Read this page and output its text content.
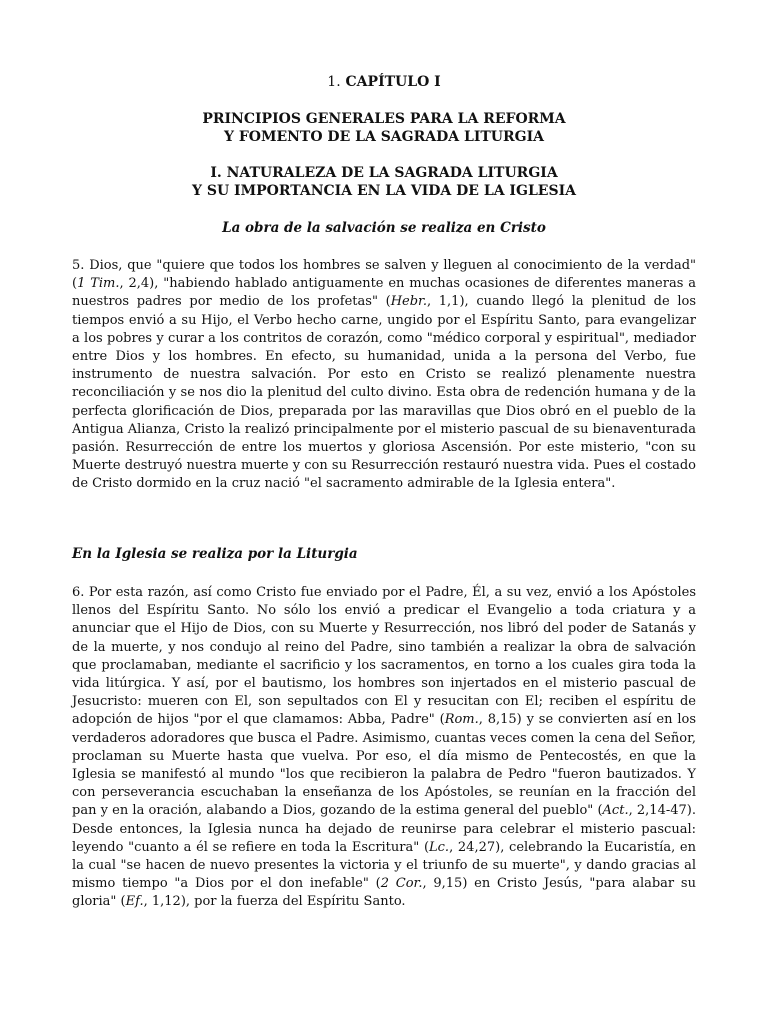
1. CAPÍTULO I

PRINCIPIOS GENERALES PARA LA REFORMA

Y FOMENTO DE LA SAGRADA LITURGIA

I. NATURALEZA DE LA SAGRADA LITURGIA

Y SU IMPORTANCIA EN LA VIDA DE LA IGLESIA

La obra de la salvación se realiza en Cristo

5. Dios, que "quiere que todos los hombres se salven y lleguen al conocimiento de la verdad" (1 Tim., 2,4), "habiendo hablado antiguamente en muchas ocasiones de diferentes maneras a nuestros padres por medio de los profetas" (Hebr., 1,1), cuando llegó la plenitud de los tiempos envió a su Hijo, el Verbo hecho carne, ungido por el Espíritu Santo, para evangelizar a los pobres y curar a los contritos de corazón, como "médico corporal y espiritual", mediador entre Dios y los hombres. En efecto, su humanidad, unida a la persona del Verbo, fue instrumento de nuestra salvación. Por esto en Cristo se realizó plenamente nuestra reconciliación y se nos dio la plenitud del culto divino. Esta obra de redención humana y de la perfecta glorificación de Dios, preparada por las maravillas que Dios obró en el pueblo de la Antigua Alianza, Cristo la realizó principalmente por el misterio pascual de su bienaventurada pasión. Resurrección de entre los muertos y gloriosa Ascensión. Por este misterio, "con su Muerte destruyó nuestra muerte y con su Resurrección restauró nuestra vida. Pues el costado de Cristo dormido en la cruz nació "el sacramento admirable de la Iglesia entera".

En la Iglesia se realiza por la Liturgia

6. Por esta razón, así como Cristo fue enviado por el Padre, Él, a su vez, envió a los Apóstoles llenos del Espíritu Santo. No sólo los envió a predicar el Evangelio a toda criatura y a anunciar que el Hijo de Dios, con su Muerte y Resurrección, nos libró del poder de Satanás y de la muerte, y nos condujo al reino del Padre, sino también a realizar la obra de salvación que proclamaban, mediante el sacrificio y los sacramentos, en torno a los cuales gira toda la vida litúrgica. Y así, por el bautismo, los hombres son injertados en el misterio pascual de Jesucristo: mueren con El, son sepultados con El y resucitan con El; reciben el espíritu de adopción de hijos "por el que clamamos: Abba, Padre" (Rom., 8,15) y se convierten así en los verdaderos adoradores que busca el Padre. Asimismo, cuantas veces comen la cena del Señor, proclaman su Muerte hasta que vuelva. Por eso, el día mismo de Pentecostés, en que la Iglesia se manifestó al mundo "los que recibieron la palabra de Pedro "fueron bautizados. Y con perseverancia escuchaban la enseñanza de los Apóstoles, se reunían en la fracción del pan y en la oración, alabando a Dios, gozando de la estima general del pueblo" (Act., 2,14-47). Desde entonces, la Iglesia nunca ha dejado de reunirse para celebrar el misterio pascual: leyendo "cuanto a él se refiere en toda la Escritura" (Lc., 24,27), celebrando la Eucaristía, en la cual "se hacen de nuevo presentes la victoria y el triunfo de su muerte", y dando gracias al mismo tiempo "a Dios por el don inefable" (2 Cor., 9,15) en Cristo Jesús, "para alabar su gloria" (Ef., 1,12), por la fuerza del Espíritu Santo.
